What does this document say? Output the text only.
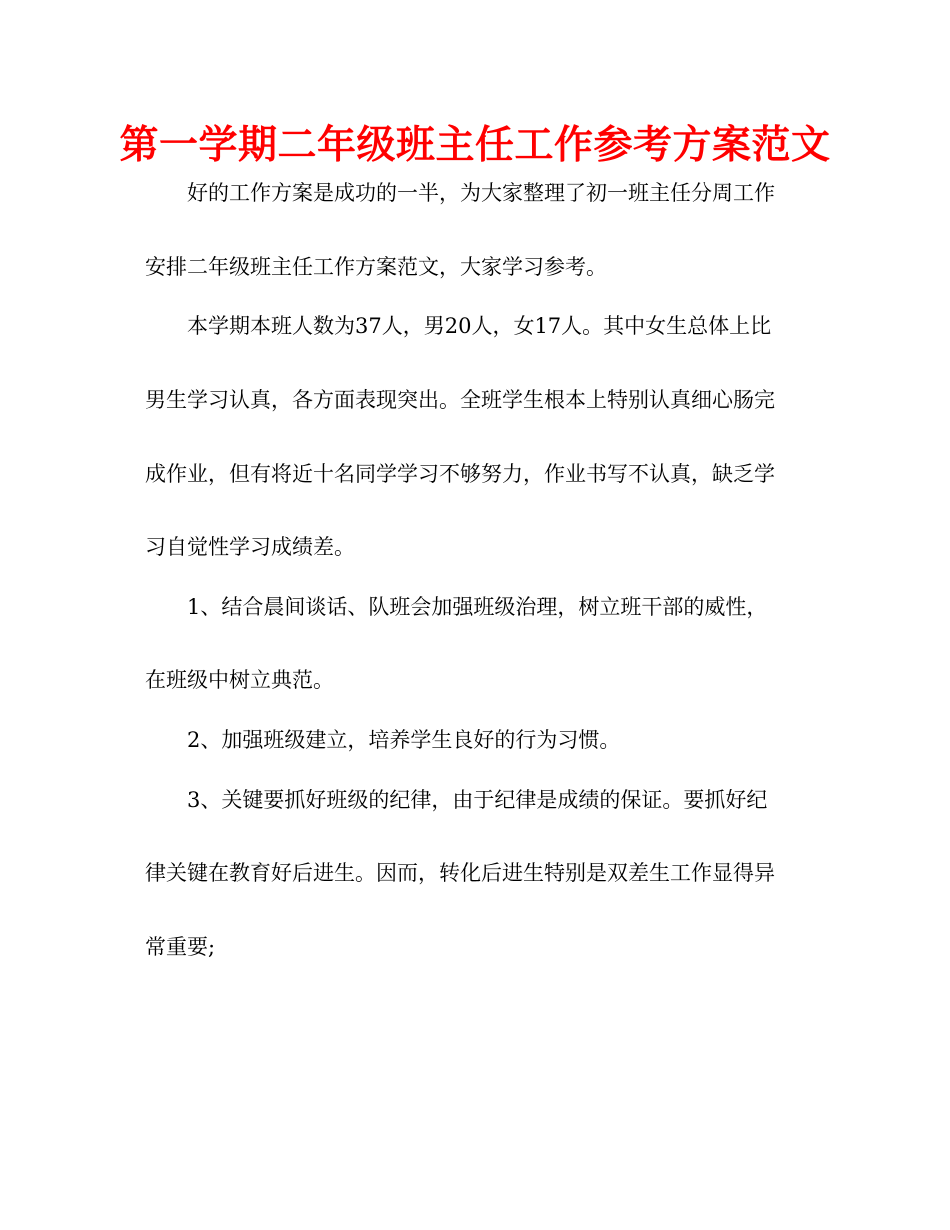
第一学期二年级班主任工作参考方案范文
好的工作方案是成功的一半，为大家整理了初一班主任分周工作
安排二年级班主任工作方案范文，大家学习参考。
本学期本班人数为37人，男20人，女17人。其中女生总体上比
男生学习认真，各方面表现突出。全班学生根本上特别认真细心肠完
成作业，但有将近十名同学学习不够努力，作业书写不认真，缺乏学
习自觉性学习成绩差。
1、结合晨间谈话、队班会加强班级治理，树立班干部的威性，
在班级中树立典范。
2、加强班级建立，培养学生良好的行为习惯。
3、关键要抓好班级的纪律，由于纪律是成绩的保证。要抓好纪
律关键在教育好后进生。因而，转化后进生特别是双差生工作显得异
常重要;
